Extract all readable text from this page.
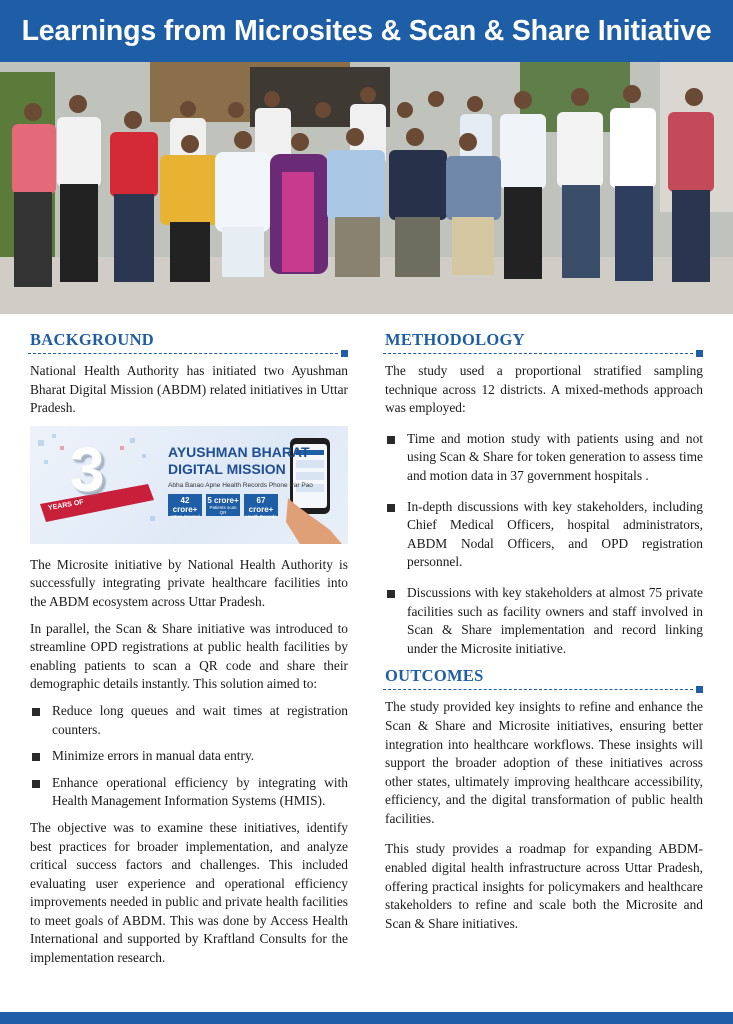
Learnings from Microsites & Scan & Share Initiative
BACKGROUND

National Health Authority has initiated two Ayushman Bharat Digital Mission (ABDM) related initiatives in Uttar Pradesh.

3
YEARS OF
AYUSHMAN BHARAT
DIGITAL MISSION
Abha Banao Apne Health Records Phone Par Pao
42 crore+
ABHA Created
5 crore+
Patients scan QR
67 crore+
Health Records

The Microsite initiative by National Health Authority is successfully integrating private healthcare facilities into the ABDM ecosystem across Uttar Pradesh.

In parallel, the Scan & Share initiative was introduced to streamline OPD registrations at public health facilities by enabling patients to scan a QR code and share their demographic details instantly. This solution aimed to:

Reduce long queues and wait times at registration counters.
Minimize errors in manual data entry.
Enhance operational efficiency by integrating with Health Management Information Systems (HMIS).

The objective was to examine these initiatives, identify best practices for broader implementation, and analyze critical success factors and challenges. This included evaluating user experience and operational efficiency improvements needed in public and private health facilities to meet goals of ABDM. This was done by Access Health International and supported by Kraftland Consults for the implementation research.

METHODOLOGY

The study used a proportional stratified sampling technique across 12 districts. A mixed-methods approach was employed:

Time and motion study with patients using and not using Scan & Share for token generation to assess time and motion data in 37 government hospitals .
In-depth discussions with key stakeholders, including Chief Medical Officers, hospital administrators, ABDM Nodal Officers, and OPD registration personnel.
Discussions with key stakeholders at almost 75 private facilities such as facility owners and staff involved in Scan & Share implementation and record linking under the Microsite initiative.
OUTCOMES

The study provided key insights to refine and enhance the Scan & Share and Microsite initiatives, ensuring better integration into healthcare workflows. These insights will support the broader adoption of these initiatives across other states, ultimately improving healthcare accessibility, efficiency, and the digital transformation of public health facilities.

This study provides a roadmap for expanding ABDM-enabled digital health infrastructure across Uttar Pradesh, offering practical insights for policymakers and healthcare stakeholders to refine and scale both the Microsite and Scan & Share initiatives.
